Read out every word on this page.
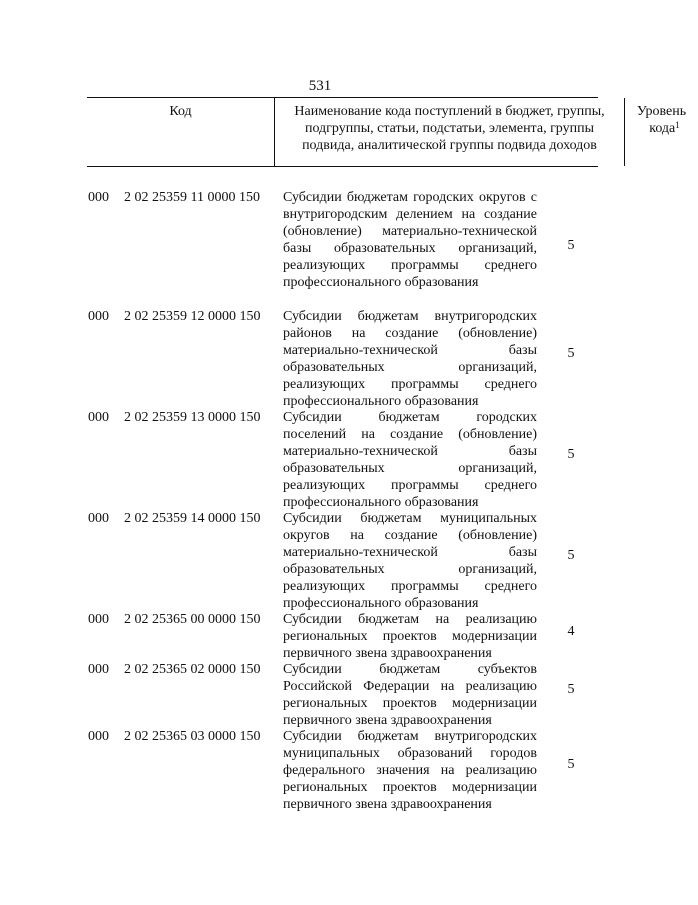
531
Код	Наименование кода поступлений в бюджет, группы, подгруппы, статьи, подстатьи, элемента, группы подвида, аналитической группы подвида доходов
Уровень
кода$^1$
000 2 02 25359 11 0000 150 Субсидии бюджетам городских округов с внутригородским делением на создание (обновление) материально-технической базы образовательных организаций, реализующих программы среднего профессионального образования
5
000 2 02 25359 12 0000 150 Субсидии бюджетам внутригородских районов на создание (обновление) материально-технической базы образовательных организаций, реализующих программы среднего профессионального образования
5
000 2 02 25359 13 0000 150 Субсидии бюджетам городских поселений на создание (обновление) материально-технической базы образовательных организаций, реализующих программы среднего профессионального образования
5
000 2 02 25359 14 0000 150 Субсидии бюджетам муниципальных округов на создание (обновление) материально-технической базы образовательных организаций, реализующих программы среднего профессионального образования
5
000 2 02 25365 00 0000 150 Субсидии бюджетам на реализацию региональных проектов модернизации первичного звена здравоохранения
4
000 2 02 25365 02 0000 150 Субсидии бюджетам субъектов Российской Федерации на реализацию региональных проектов модернизации первичного звена здравоохранения
5
000 2 02 25365 03 0000 150 Субсидии бюджетам внутригородских муниципальных образований городов федерального значения на реализацию региональных проектов модернизации первичного звена здравоохранения
5
